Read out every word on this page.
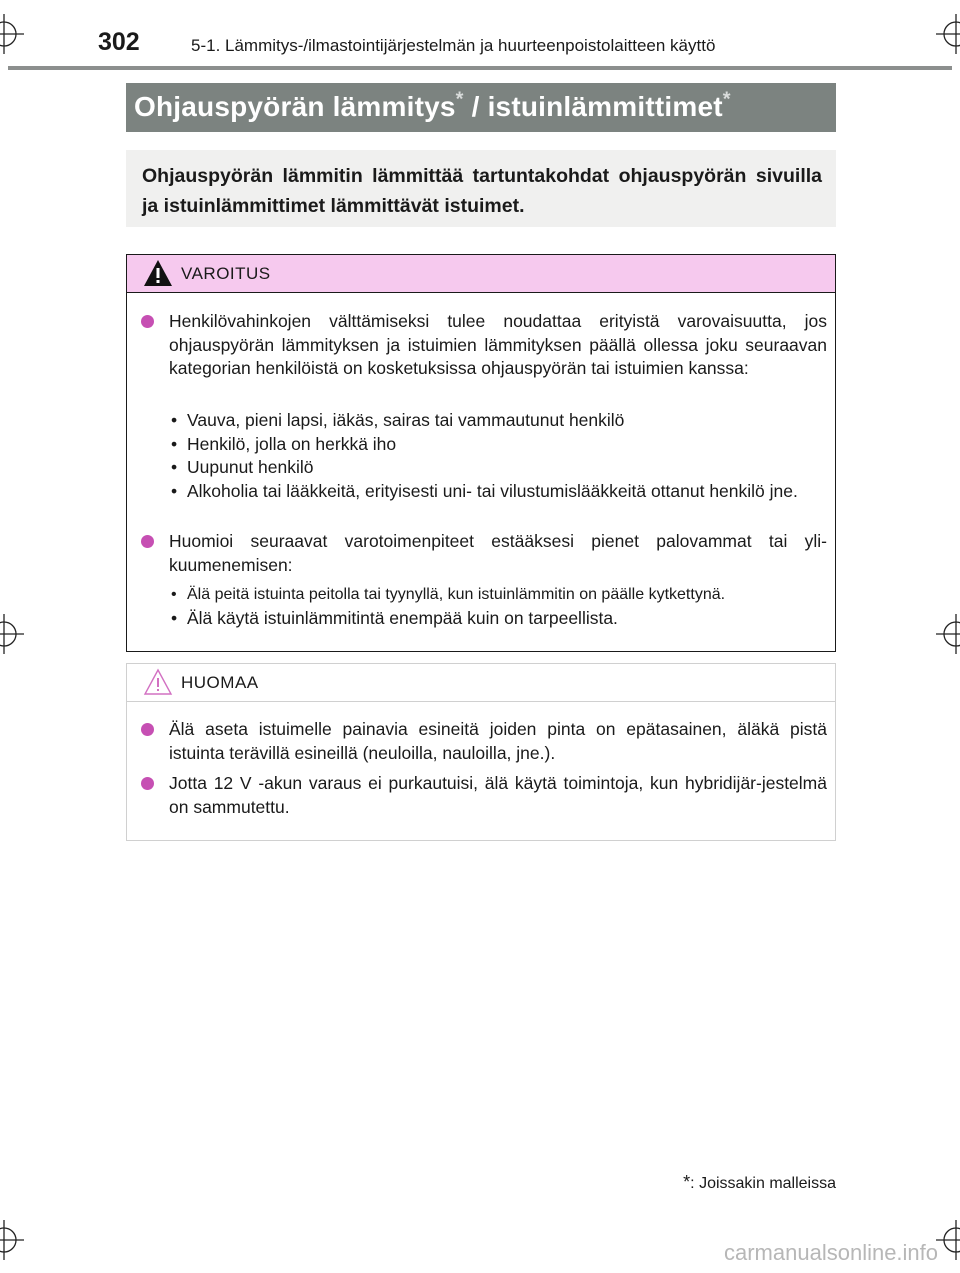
302	5-1. Lämmitys-/ilmastointijärjestelmän ja huurteenpoistolaitteen käyttö
Ohjauspyörän lämmitys* / istuinlämmittimet*

Ohjauspyörän lämmitin lämmittää tartuntakohdat ohjauspyörän sivuilla ja istuinlämmittimet lämmittävät istuimet.

VAROITUS
Henkilövahinkojen välttämiseksi tulee noudattaa erityistä varovaisuutta, jos ohjauspyörän lämmityksen ja istuimien lämmityksen päällä ollessa joku seuraavan kategorian henkilöistä on kosketuksissa ohjauspyörän tai istuimien kanssa:
• Vauva, pieni lapsi, iäkäs, sairas tai vammautunut henkilö
• Henkilö, jolla on herkkä iho
• Uupunut henkilö
• Alkoholia tai lääkkeitä, erityisesti uni- tai vilustumislääkkeitä ottanut henkilö jne.
Huomioi seuraavat varotoimenpiteet estääksesi pienet palovammat tai yli-kuumenemisen:
• Älä peitä istuinta peitolla tai tyynyllä, kun istuinlämmitin on päälle kytkettynä.
• Älä käytä istuinlämmitintä enempää kuin on tarpeellista.
HUOMAA
Älä aseta istuimelle painavia esineitä joiden pinta on epätasainen, äläkä pistä istuinta terävillä esineillä (neuloilla, nauloilla, jne.).
Jotta 12 V -akun varaus ei purkautuisi, älä käytä toimintoja, kun hybridijär-jestelmä on sammutettu.
*: Joissakin malleissa
carmanualsonline.info
